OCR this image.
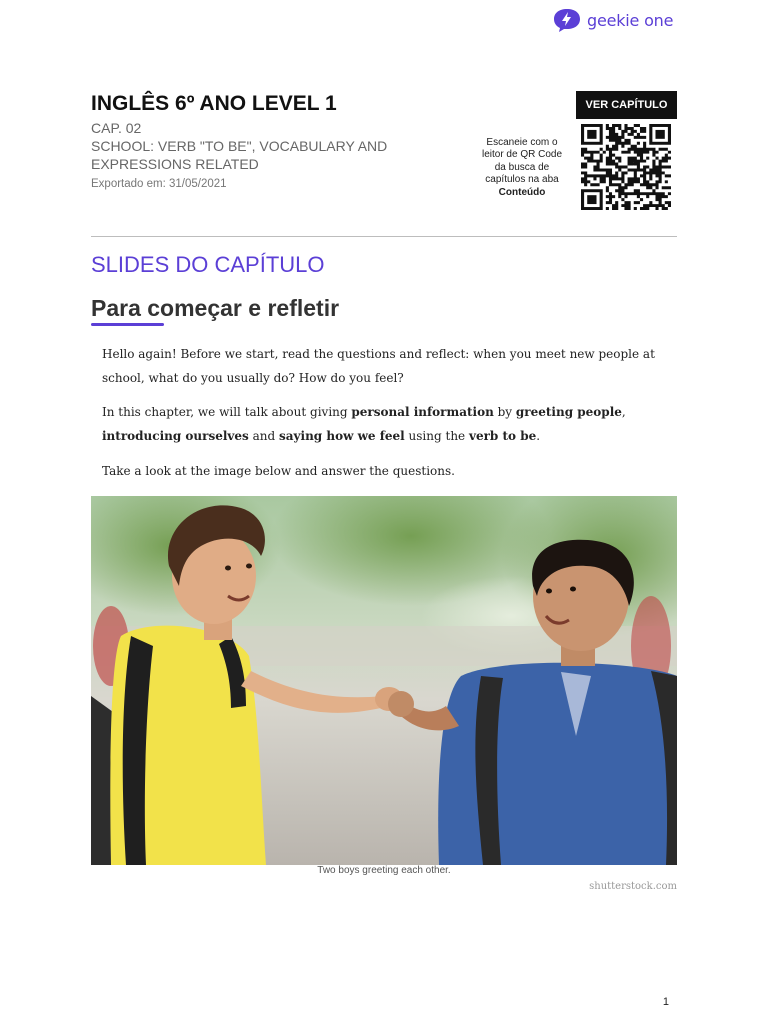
geekie one
INGLÊS 6º ANO LEVEL 1
CAP. 02
SCHOOL: VERB "TO BE", VOCABULARY AND EXPRESSIONS RELATED
Exportado em: 31/05/2021
VER CAPÍTULO
Escaneie com o leitor de QR Code da busca de capítulos na aba
Conteúdo
SLIDES DO CAPÍTULO
Para começar e refletir
Hello again! Before we start, read the questions and reflect: when you meet new people at school, what do you usually do? How do you feel?
In this chapter, we will talk about giving personal information by greeting people, introducing ourselves and saying how we feel using the verb to be.
Take a look at the image below and answer the questions.
Two boys greeting each other.
shutterstock.com
1
